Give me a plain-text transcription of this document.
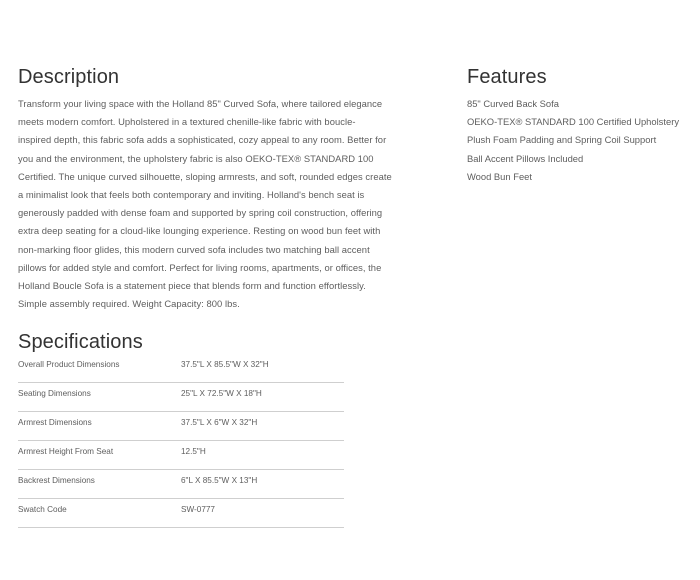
Description
Transform your living space with the Holland 85" Curved Sofa, where tailored elegance
meets modern comfort. Upholstered in a textured chenille-like fabric with boucle-
inspired depth, this fabric sofa adds a sophisticated, cozy appeal to any room. Better for
you and the environment, the upholstery fabric is also OEKO-TEX® STANDARD 100
Certified. The unique curved silhouette, sloping armrests, and soft, rounded edges create
a minimalist look that feels both contemporary and inviting. Holland's bench seat is
generously padded with dense foam and supported by spring coil construction, offering
extra deep seating for a cloud-like lounging experience. Resting on wood bun feet with
non-marking floor glides, this modern curved sofa includes two matching ball accent
pillows for added style and comfort. Perfect for living rooms, apartments, or offices, the
Holland Boucle Sofa is a statement piece that blends form and function effortlessly.
Simple assembly required. Weight Capacity: 800 lbs.
Features
85" Curved Back Sofa
OEKO-TEX® STANDARD 100 Certified Upholstery
Plush Foam Padding and Spring Coil Support
Ball Accent Pillows Included
Wood Bun Feet
Specifications
Overall Product Dimensions	37.5"L X 85.5"W X 32"H
Seating Dimensions	25"L X 72.5"W X 18"H
Armrest Dimensions	37.5"L X 6"W X 32"H
Armrest Height From Seat	12.5"H
Backrest Dimensions	6"L X 85.5"W X 13"H
Swatch Code	SW-0777
